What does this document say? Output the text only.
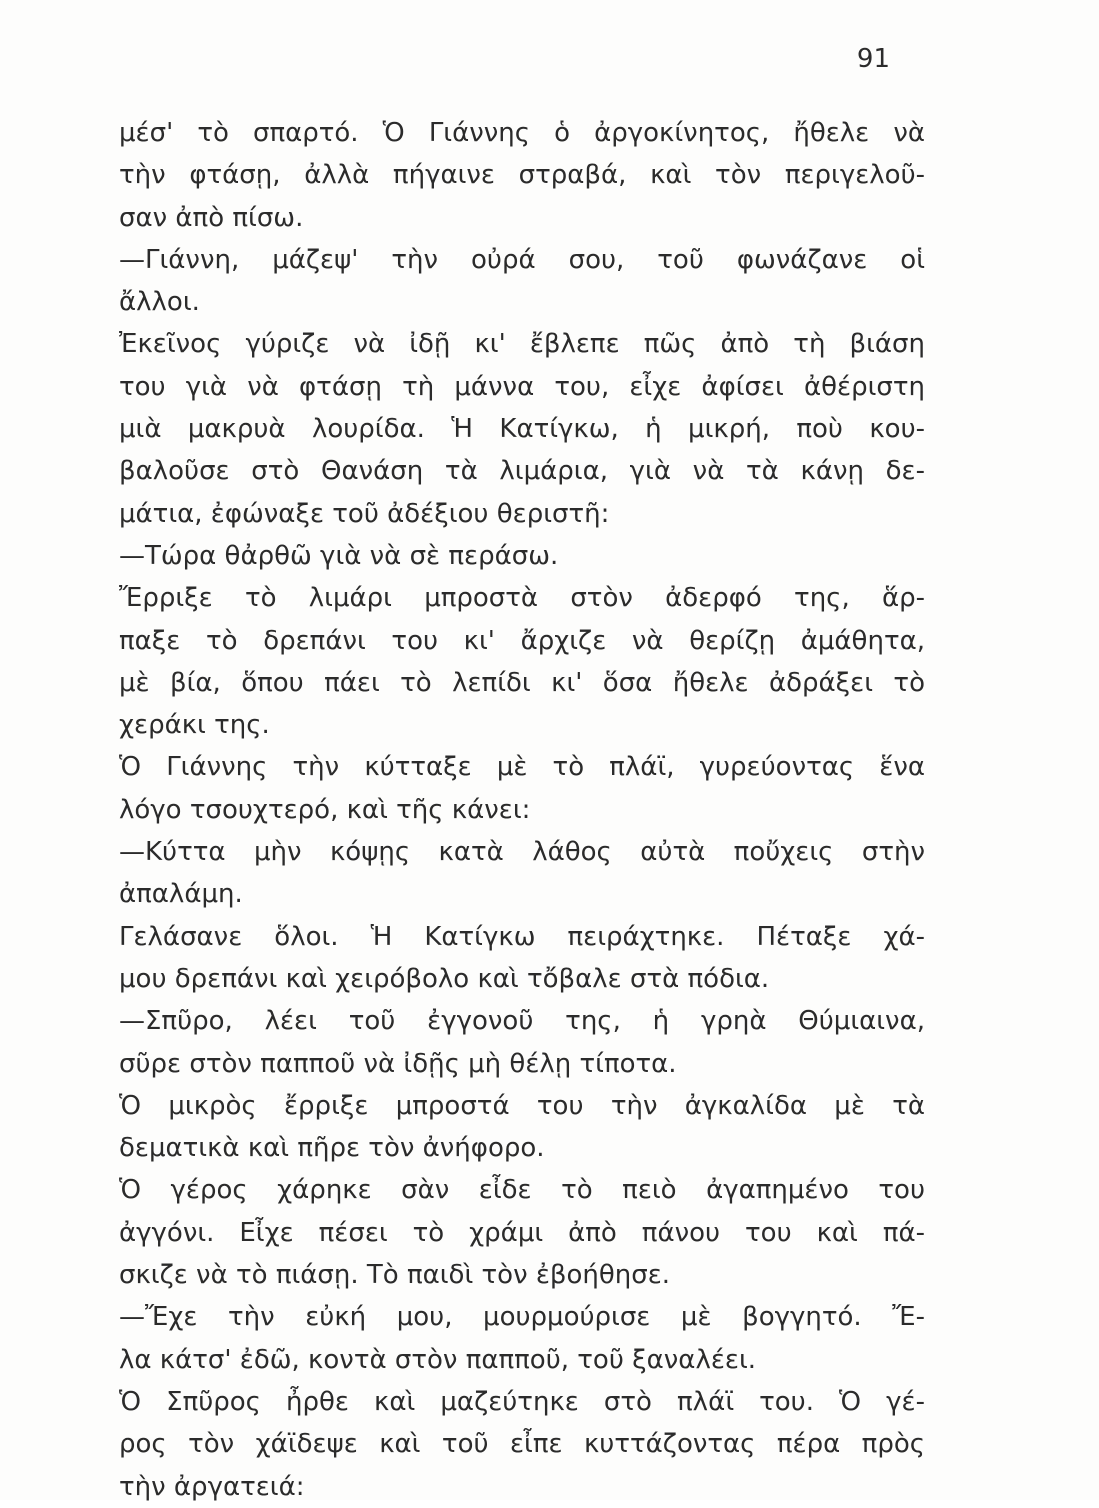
91
μέσ' τὸ σπαρτό. Ὁ Γιάννης ὁ ἀργοκίνητος, ἤθελε νὰ
τὴν φτάσῃ, ἀλλὰ πήγαινε στραβά, καὶ τὸν περιγελοῦ-
σαν ἀπὸ πίσω.
—Γιάννη, μάζεψ' τὴν οὐρά σου, τοῦ φωνάζανε οἱ
ἄλλοι.
Ἐκεῖνος γύριζε νὰ ἰδῇ κι' ἔβλεπε πῶς ἀπὸ τὴ βιάση
του γιὰ νὰ φτάσῃ τὴ μάννα του, εἶχε ἀφίσει ἀθέριστη
μιὰ μακρυὰ λουρίδα. Ἡ Κατίγκω, ἡ μικρή, ποὺ κου-
βαλοῦσε στὸ Θανάση τὰ λιμάρια, γιὰ νὰ τὰ κάνῃ δε-
μάτια, ἐφώναξε τοῦ ἀδέξιου θεριστῆ:
—Τώρα θἀρθῶ γιὰ νὰ σὲ περάσω.
Ἔρριξε τὸ λιμάρι μπροστὰ στὸν ἀδερφό της, ἅρ-
παξε τὸ δρεπάνι του κι' ἄρχιζε νὰ θερίζῃ ἀμάθητα,
μὲ βία, ὅπου πάει τὸ λεπίδι κι' ὅσα ἤθελε ἀδράξει τὸ
χεράκι της.
Ὁ Γιάννης τὴν κύτταξε μὲ τὸ πλάϊ, γυρεύοντας ἕνα
λόγο τσουχτερό, καὶ τῆς κάνει:
—Κύττα μὴν κόψῃς κατὰ λάθος αὐτὰ ποὔχεις στὴν
ἀπαλάμη.
Γελάσανε ὅλοι. Ἡ Κατίγκω πειράχτηκε. Πέταξε χά-
μου δρεπάνι καὶ χειρόβολο καὶ τὄβαλε στὰ πόδια.
—Σπῦρο, λέει τοῦ ἐγγονοῦ της, ἡ γρηὰ Θύμιαινα,
σῦρε στὸν παπποῦ νὰ ἰδῇς μὴ θέλῃ τίποτα.
Ὁ μικρὸς ἔρριξε μπροστά του τὴν ἀγκαλίδα μὲ τὰ
δεματικὰ καὶ πῆρε τὸν ἀνήφορο.
Ὁ γέρος χάρηκε σὰν εἶδε τὸ πειὸ ἀγαπημένο του
ἀγγόνι. Εἶχε πέσει τὸ χράμι ἀπὸ πάνου του καὶ πά-
σκιζε νὰ τὸ πιάσῃ. Τὸ παιδὶ τὸν ἐβοήθησε.
—Ἔχε τὴν εὐκή μου, μουρμούρισε μὲ βογγητό. Ἔ-
λα κάτσ' ἐδῶ, κοντὰ στὸν παπποῦ, τοῦ ξαναλέει.
Ὁ Σπῦρος ἦρθε καὶ μαζεύτηκε στὸ πλάϊ του. Ὁ γέ-
ρος τὸν χάϊδεψε καὶ τοῦ εἶπε κυττάζοντας πέρα πρὸς
τὴν ἀργατειά:
